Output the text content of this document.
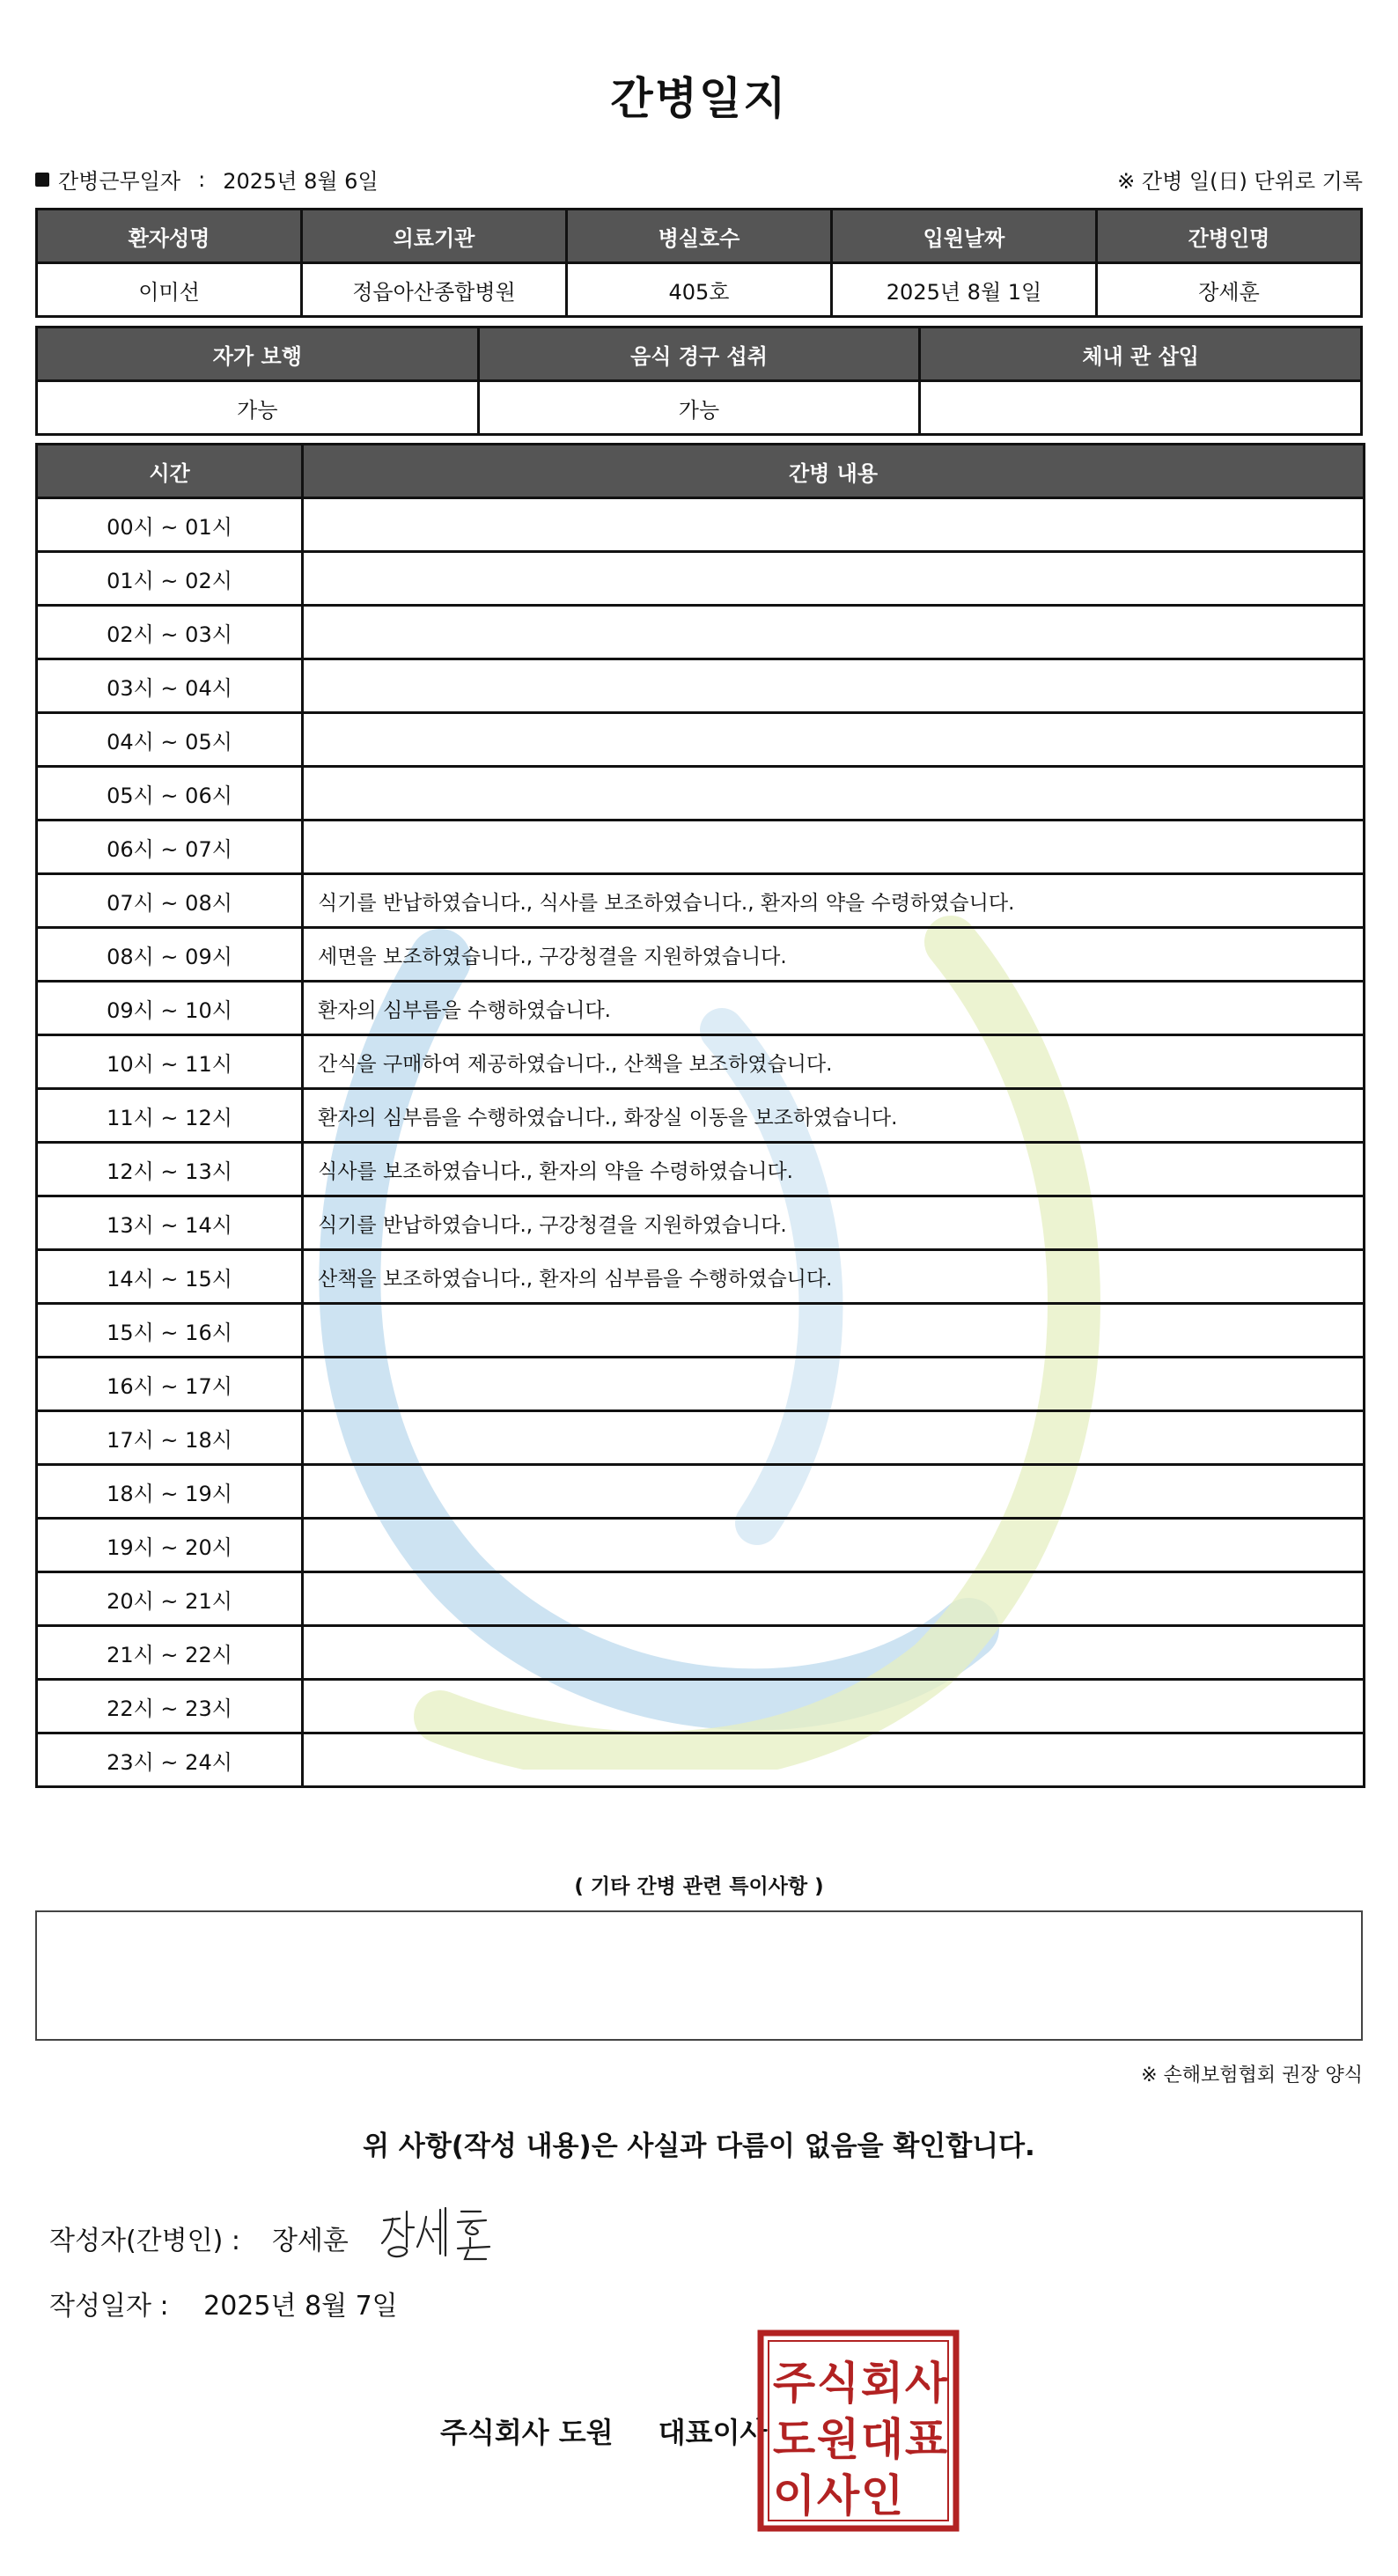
간병일지
간병근무일자 : 2025년 8월 6일	※ 간병 일(日) 단위로 기록
환자성명	의료기관	병실호수	입원날짜	간병인명
이미선	정읍아산종합병원	405호	2025년 8월 1일	장세훈
자가 보행	음식 경구 섭취	체내 관 삽입
가능	가능	
시간	간병 내용
00시 ~ 01시	
01시 ~ 02시	
02시 ~ 03시	
03시 ~ 04시	
04시 ~ 05시	
05시 ~ 06시	
06시 ~ 07시	
07시 ~ 08시	식기를 반납하였습니다., 식사를 보조하였습니다., 환자의 약을 수령하였습니다.
08시 ~ 09시	세면을 보조하였습니다., 구강청결을 지원하였습니다.
09시 ~ 10시	환자의 심부름을 수행하였습니다.
10시 ~ 11시	간식을 구매하여 제공하였습니다., 산책을 보조하였습니다.
11시 ~ 12시	환자의 심부름을 수행하였습니다., 화장실 이동을 보조하였습니다.
12시 ~ 13시	식사를 보조하였습니다., 환자의 약을 수령하였습니다.
13시 ~ 14시	식기를 반납하였습니다., 구강청결을 지원하였습니다.
14시 ~ 15시	산책을 보조하였습니다., 환자의 심부름을 수행하였습니다.
15시 ~ 16시	
16시 ~ 17시	
17시 ~ 18시	
18시 ~ 19시	
19시 ~ 20시	
20시 ~ 21시	
21시 ~ 22시	
22시 ~ 23시	
23시 ~ 24시	
( 기타 간병 관련 특이사항 )
※ 손해보험협회 권장 양식
위 사항(작성 내용)은 사실과 다름이 없음을 확인합니다.
작성자(간병인) : 장세훈
작성일자 : 2025년 8월 7일
주식회사 도원 대표이사
주 식 회 사
도 원 대 표
이 사 인
